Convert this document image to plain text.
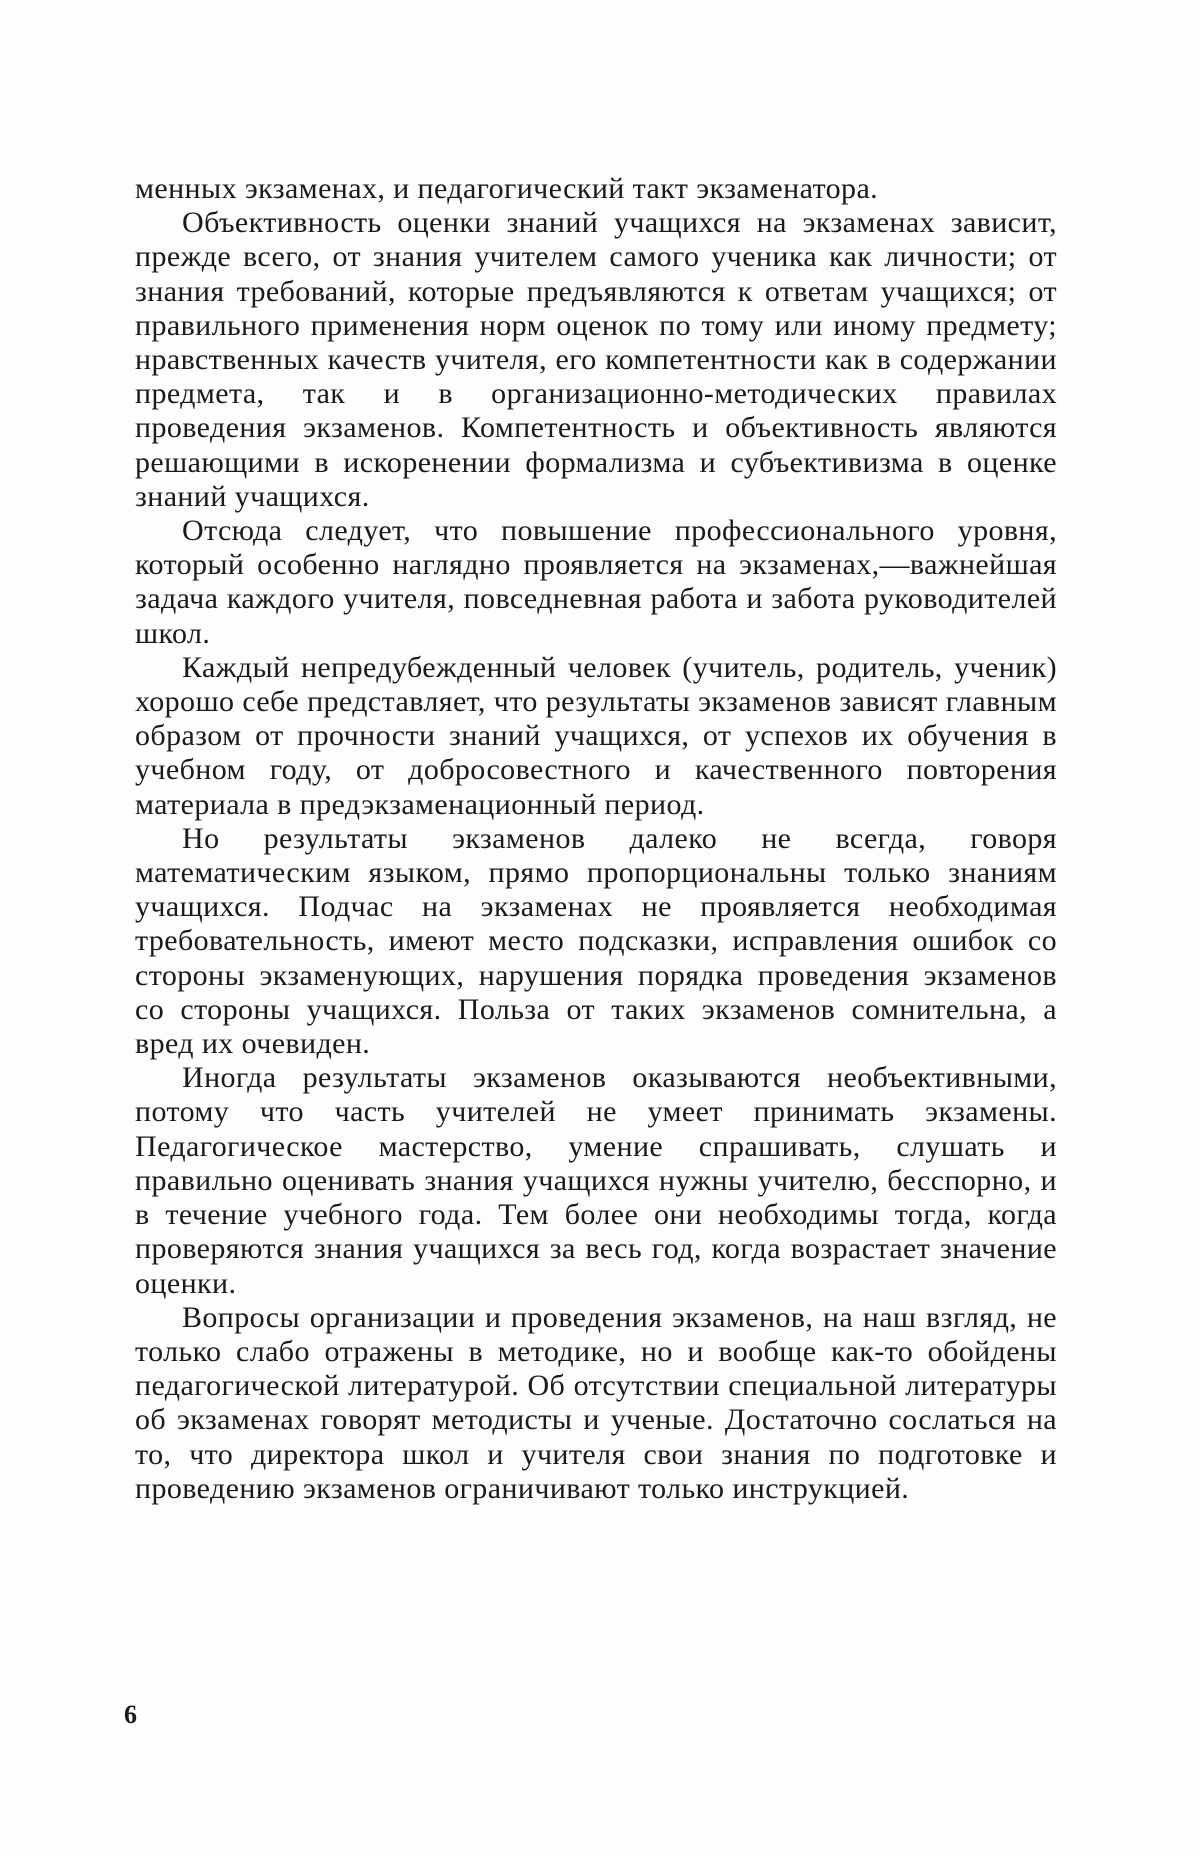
менных экзаменах, и педагогический такт экзаменатора.

Объективность оценки знаний учащихся на экзаменах зависит, прежде всего, от знания учителем самого ученика как личности; от знания требований, которые предъявляются к ответам учащихся; от правильного применения норм оценок по тому или иному предмету; нравственных качеств учителя, его компетентности как в содержании предмета, так и в организационно-методических правилах проведения экзаменов. Компетентность и объективность являются решающими в искоренении формализма и субъективизма в оценке знаний учащихся.

Отсюда следует, что повышение профессионального уровня, который особенно наглядно проявляется на экзаменах,—важнейшая задача каждого учителя, повседневная работа и забота руководителей школ.

Каждый непредубежденный человек (учитель, родитель, ученик) хорошо себе представляет, что результаты экзаменов зависят главным образом от прочности знаний учащихся, от успехов их обучения в учебном году, от добросовестного и качественного повторения материала в предэкзаменационный период.

Но результаты экзаменов далеко не всегда, говоря математическим языком, прямо пропорциональны только знаниям учащихся. Подчас на экзаменах не проявляется необходимая требовательность, имеют место подсказки, исправления ошибок со стороны экзаменующих, нарушения порядка проведения экзаменов со стороны учащихся. Польза от таких экзаменов сомнительна, а вред их очевиден.

Иногда результаты экзаменов оказываются необъективными, потому что часть учителей не умеет принимать экзамены. Педагогическое мастерство, умение спрашивать, слушать и правильно оценивать знания учащихся нужны учителю, бесспорно, и в течение учебного года. Тем более они необходимы тогда, когда проверяются знания учащихся за весь год, когда возрастает значение оценки.

Вопросы организации и проведения экзаменов, на наш взгляд, не только слабо отражены в методике, но и вообще как-то обойдены педагогической литературой. Об отсутствии специальной литературы об экзаменах говорят методисты и ученые. Достаточно сослаться на то, что директора школ и учителя свои знания по подготовке и проведению экзаменов ограничивают только инструкцией.

6
